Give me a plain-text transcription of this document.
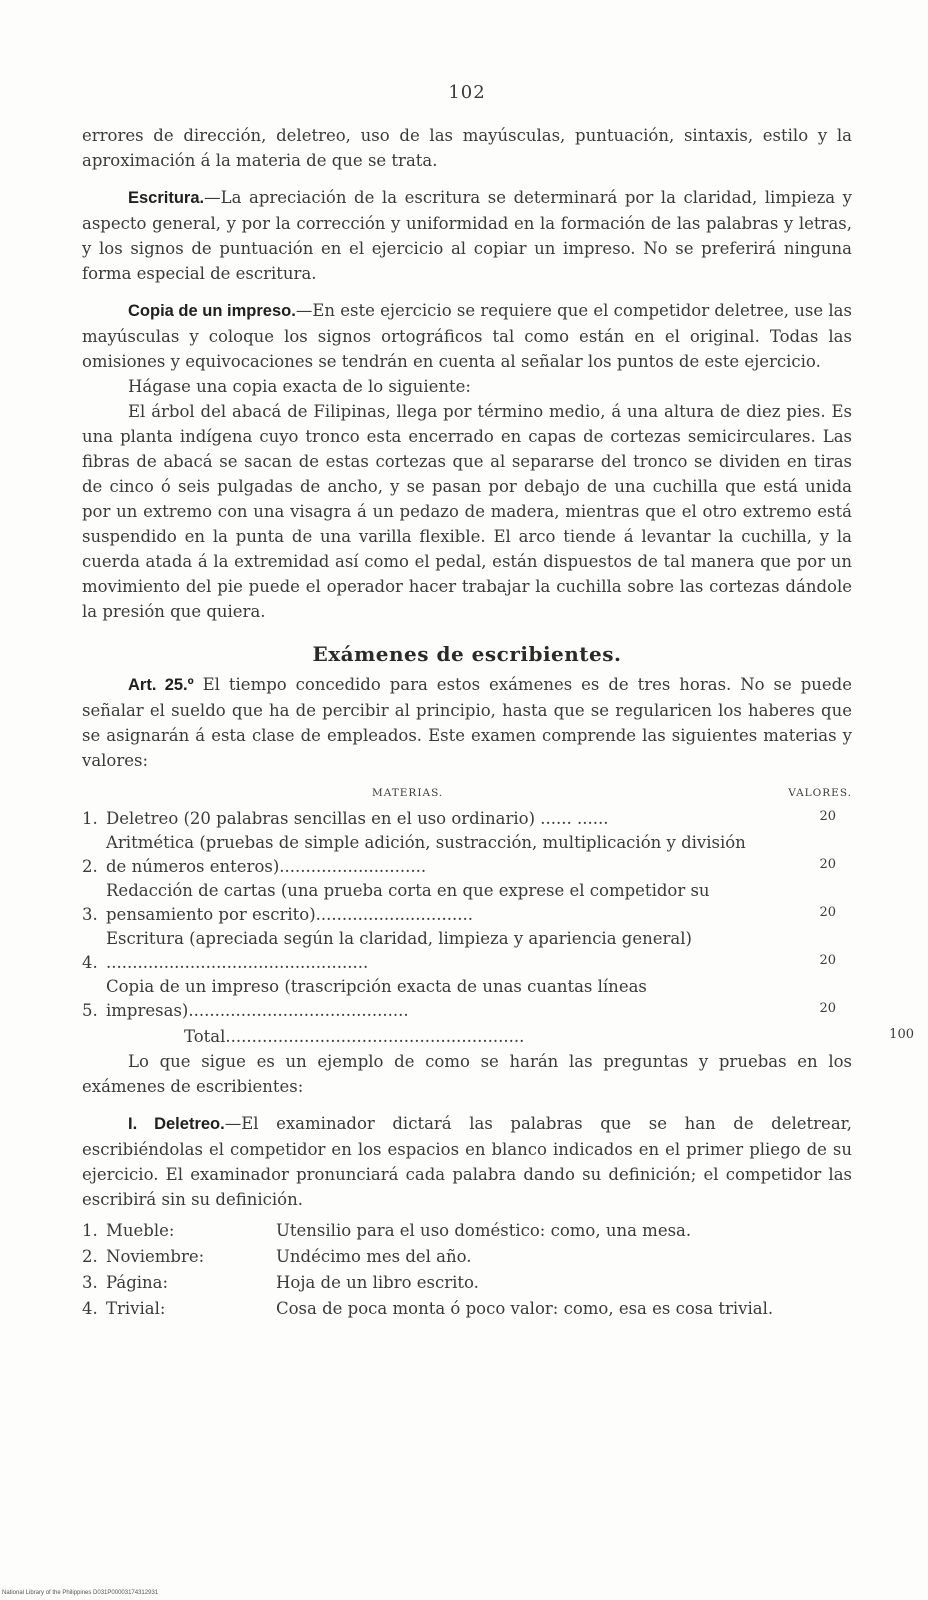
102

errores de dirección, deletreo, uso de las mayúsculas, puntuación, sintaxis, estilo y la aproximación á la materia de que se trata.

Escritura.—La apreciación de la escritura se determinará por la claridad, limpieza y aspecto general, y por la corrección y uniformidad en la formación de las palabras y letras, y los signos de puntuación en el ejercicio al copiar un impreso. No se preferirá ninguna forma especial de escritura.

Copia de un impreso.—En este ejercicio se requiere que el competidor deletree, use las mayúsculas y coloque los signos ortográficos tal como están en el original. Todas las omisiones y equivocaciones se tendrán en cuenta al señalar los puntos de este ejercicio.

Hágase una copia exacta de lo siguiente:

El árbol del abacá de Filipinas, llega por término medio, á una altura de diez pies. Es una planta indígena cuyo tronco esta encerrado en capas de cortezas semicirculares. Las fibras de abacá se sacan de estas cortezas que al separarse del tronco se dividen en tiras de cinco ó seis pulgadas de ancho, y se pasan por debajo de una cuchilla que está unida por un extremo con una visagra á un pedazo de madera, mientras que el otro extremo está suspendido en la punta de una varilla flexible. El arco tiende á levantar la cuchilla, y la cuerda atada á la extremidad así como el pedal, están dispuestos de tal manera que por un movimiento del pie puede el operador hacer trabajar la cuchilla sobre las cortezas dándole la presión que quiera.

Exámenes de escribientes.

Art. 25.º El tiempo concedido para estos exámenes es de tres horas. No se puede señalar el sueldo que ha de percibir al principio, hasta que se regularicen los haberes que se asignarán á esta clase de empleados. Este examen comprende las siguientes materias y valores:

MATERIAS.	VALORES.
1. Deletreo (20 palabras sencillas en el uso ordinario) ...... ......	20
2.
Aritmética (pruebas de simple adición, sustracción, multiplicación y división de números enteros)............................	20
3.
Redacción de cartas (una prueba corta en que exprese el competidor su pensamiento por escrito)..............................	20
4.
Escritura (apreciada según la claridad, limpieza y apariencia general) ..................................................	20
5.
Copia de un impreso (trascripción exacta de unas cuantas líneas impresas)..........................................	20
Total.........................................................	100

Lo que sigue es un ejemplo de como se harán las preguntas y pruebas en los exámenes de escribientes:

I. Deletreo.—El examinador dictará las palabras que se han de deletrear, escribiéndolas el competidor en los espacios en blanco indicados en el primer pliego de su ejercicio. El examinador pronunciará cada palabra dando su definición; el competidor las escribirá sin su definición.

1. Mueble:	Utensilio para el uso doméstico: como, una mesa.
2. Noviembre:	Undécimo mes del año.
3. Página:	Hoja de un libro escrito.
4. Trivial:	Cosa de poca monta ó poco valor: como, esa es cosa trivial.
National Library of the Philippines D031P00003174312931
